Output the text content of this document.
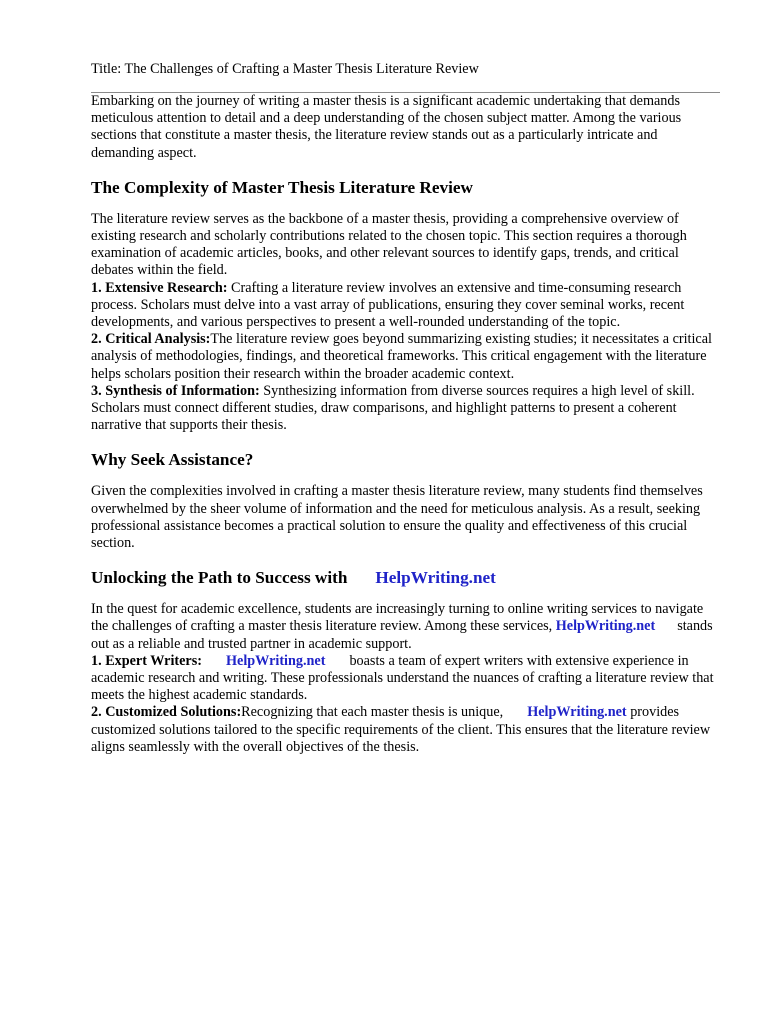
Title: The Challenges of Crafting a Master Thesis Literature Review

Embarking on the journey of writing a master thesis is a significant academic undertaking that demands meticulous attention to detail and a deep understanding of the chosen subject matter. Among the various sections that constitute a master thesis, the literature review stands out as a particularly intricate and demanding aspect.

The Complexity of Master Thesis Literature Review

The literature review serves as the backbone of a master thesis, providing a comprehensive overview of existing research and scholarly contributions related to the chosen topic. This section requires a thorough examination of academic articles, books, and other relevant sources to identify gaps, trends, and critical debates within the field.

1. Extensive Research: Crafting a literature review involves an extensive and time-consuming research process. Scholars must delve into a vast array of publications, ensuring they cover seminal works, recent developments, and various perspectives to present a well-rounded understanding of the topic.

2. Critical Analysis:The literature review goes beyond summarizing existing studies; it necessitates a critical analysis of methodologies, findings, and theoretical frameworks. This critical engagement with the literature helps scholars position their research within the broader academic context.

3. Synthesis of Information: Synthesizing information from diverse sources requires a high level of skill. Scholars must connect different studies, draw comparisons, and highlight patterns to present a coherent narrative that supports their thesis.

Why Seek Assistance?

Given the complexities involved in crafting a master thesis literature review, many students find themselves overwhelmed by the sheer volume of information and the need for meticulous analysis. As a result, seeking professional assistance becomes a practical solution to ensure the quality and effectiveness of this crucial section.

Unlocking the Path to Success with HelpWriting.net

In the quest for academic excellence, students are increasingly turning to online writing services to navigate the challenges of crafting a master thesis literature review. Among these services, HelpWriting.net stands out as a reliable and trusted partner in academic support.

1. Expert Writers: HelpWriting.net boasts a team of expert writers with extensive experience in academic research and writing. These professionals understand the nuances of crafting a literature review that meets the highest academic standards.

2. Customized Solutions:Recognizing that each master thesis is unique, HelpWriting.net provides customized solutions tailored to the specific requirements of the client. This ensures that the literature review aligns seamlessly with the overall objectives of the thesis.
